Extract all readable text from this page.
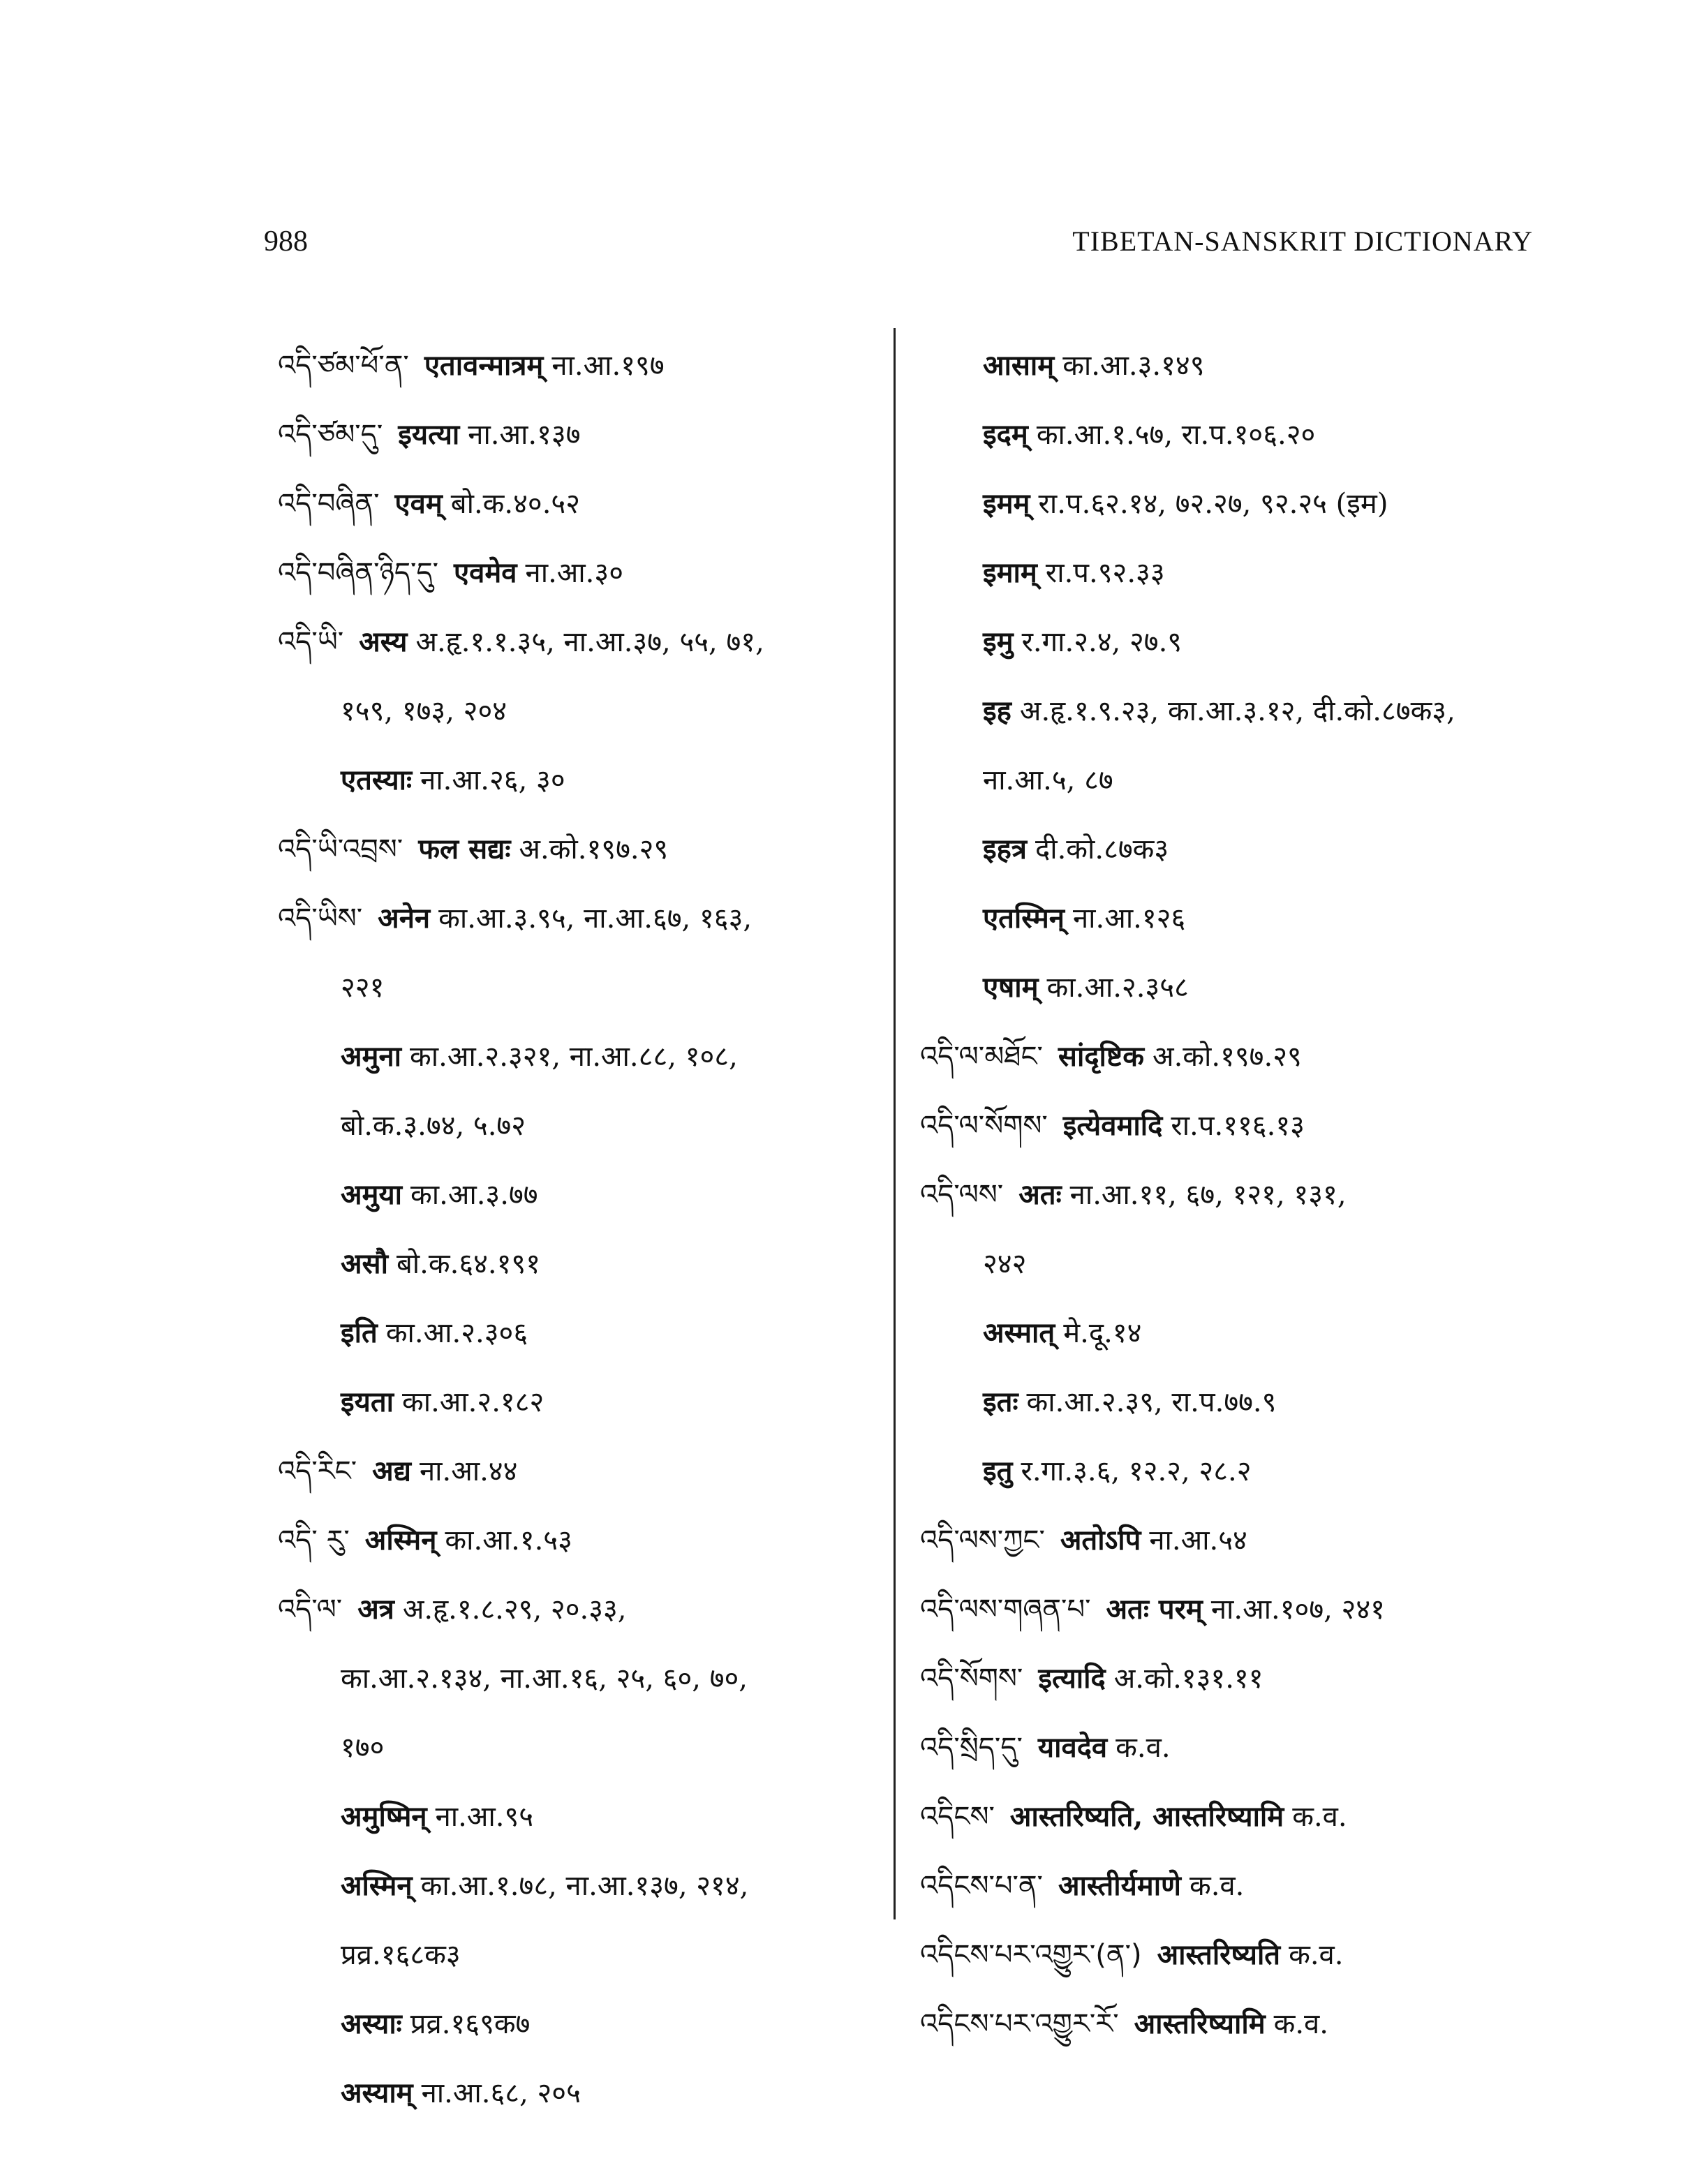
988	TIBETAN-SANSKRIT DICTIONARY
འདི་ཙམ་ཕོ་ན་ एतावन्मात्रम् ना.आ.१९७
འདི་ཙམ་དུ་ इयत्या ना.आ.१३७
འདི་བཞིན་ एवम् बो.क.४०.५२
འདི་བཞིན་ཉིད་དུ་ एवमेव ना.आ.३०
འདི་ཡི་ अस्य अ.हृ.१.१.३५, ना.आ.३७, ५५, ७१,
१५९, १७३, २०४
एतस्याः ना.आ.२६, ३०
འདི་ཡི་འབྲས་ फल सद्यः अ.को.१९७.२९
འདི་ཡིས་ अनेन का.आ.३.९५, ना.आ.६७, १६३,
२२१
अमुना का.आ.२.३२१, ना.आ.८८, १०८,
बो.क.३.७४, ५.७२
अमुया का.आ.३.७७
असौ बो.क.६४.१९१
इति का.आ.२.३०६
इयता का.आ.२.१८२
འདི་རིང་ अद्य ना.आ.४४
འདི་ རུ་ अस्मिन् का.आ.१.५३
འདི་ལ་ अत्र अ.हृ.१.८.२९, २०.३३,
का.आ.२.१३४, ना.आ.१६, २५, ६०, ७०,
१७०
अमुष्मिन् ना.आ.९५
अस्मिन् का.आ.१.७८, ना.आ.१३७, २१४,
प्रव्र.१६८क३
अस्याः प्रव्र.१६९क७
अस्याम् ना.आ.६८, २०५
आसाम् का.आ.३.१४९
इदम् का.आ.१.५७, रा.प.१०६.२०
इमम् रा.प.६२.१४, ७२.२७, ९२.२५ (इम)
इमाम् रा.प.९२.३३
इमु र.गा.२.४, २७.९
इह अ.हृ.१.९.२३, का.आ.३.१२, दी.को.८७क३,
ना.आ.५, ८७
इहत्र दी.को.८७क३
एतस्मिन् ना.आ.१२६
एषाम् का.आ.२.३५८
འདི་ལ་མཐོང་ सांदृष्टिक अ.को.१९७.२९
འདི་ལ་སོགས་ इत्येवमादि रा.प.११६.१३
འདི་ལས་ अतः ना.आ.११, ६७, १२१, १३१,
२४२
अस्मात् मे.दू.१४
इतः का.आ.२.३९, रा.प.७७.९
इतु र.गा.३.६, १२.२, २८.२
འདི་ལས་ཀྱང་ अतोऽपि ना.आ.५४
འདི་ལས་གཞན་པ་ अतः परम् ना.आ.१०७, २४१
འདི་སོགས་ इत्यादि अ.को.१३१.११
འདི་སྲིད་དུ་ यावदेव क.व.
འདིངས་ आस्तरिष्यति, आस्तरिष्यामि क.व.
འདིངས་པ་ན་ आस्तीर्यमाणे क.व.
འདིངས་པར་འགྱུར་(ན་) आस्तरिष्यति क.व.
འདིངས་པར་འགྱུར་རོ་ आस्तरिष्यामि क.व.
